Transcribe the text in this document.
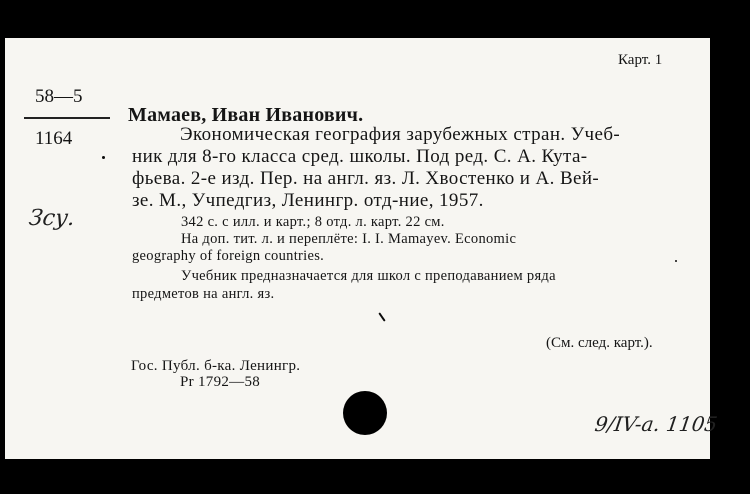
Карт. 1
58—5
1164
Зсу.
Мамаев, Иван Иванович.
Экономическая география зарубежных стран. Учеб-
ник для 8-го класса сред. школы. Под ред. С. А. Кута-
фьева. 2-е изд. Пер. на англ. яз. Л. Хвостенко и А. Вей-
зе. М., Учпедгиз, Ленингр. отд-ние, 1957.
342 с. с илл. и карт.; 8 отд. л. карт. 22 см.
На доп. тит. л. и переплёте: I. I. Mamayev. Economic
geography of foreign countries.
Учебник предназначается для школ с преподаванием ряда
предметов на англ. яз.
(См. след. карт.).
Гос. Публ. б-ка. Ленингр.
Pr 1792—58
9/IV-a. 1105
